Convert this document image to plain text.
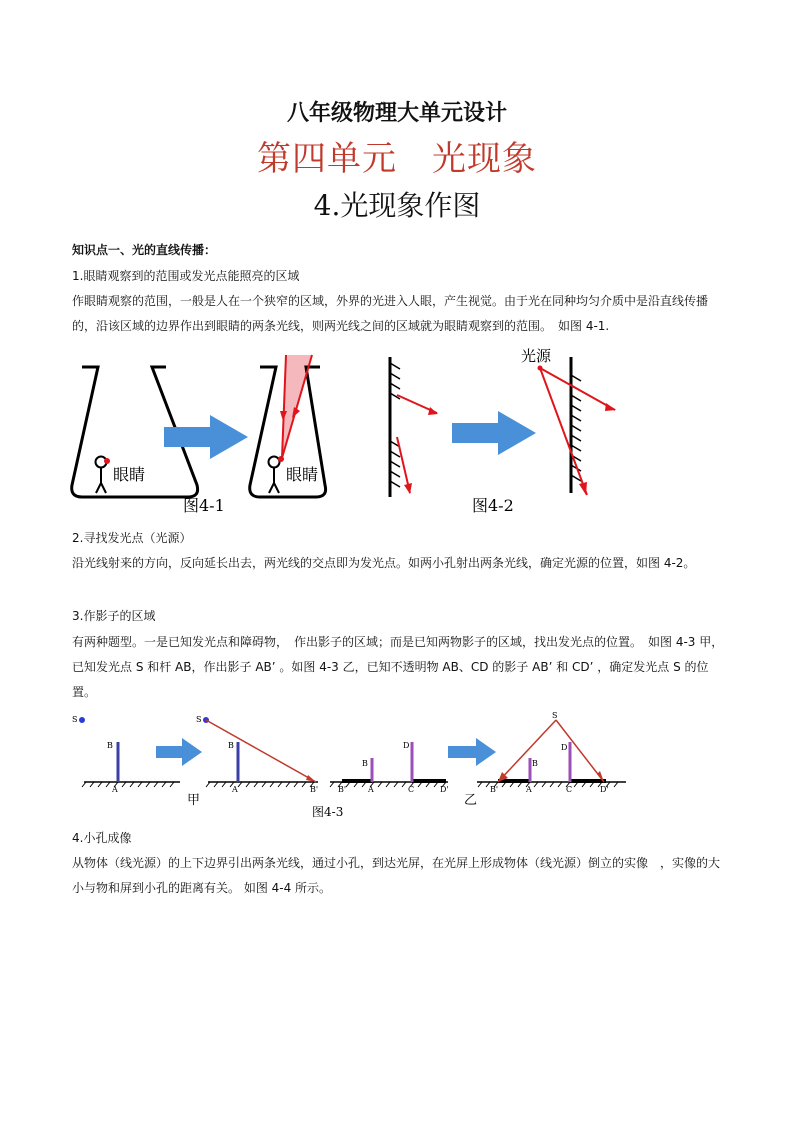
八年级物理大单元设计
第四单元　光现象
4.光现象作图
知识点一、光的直线传播：
1.眼睛观察到的范围或发光点能照亮的区域
作眼睛观察的范围，一般是人在一个狭窄的区域，外界的光进入人眼，产生视觉。由于光在同种均匀介质中是沿直线传播的，沿该区域的边界作出到眼睛的两条光线，则两光线之间的区域就为眼睛观察到的范围。　如图 4-1.
眼睛	眼睛
图4-1
光源
图4-2
2.寻找发光点（光源）
沿光线射来的方向，反向延长出去，两光线的交点即为发光点。如两小孔射出两条光线，确定光源的位置，如图 4-2。
3.作影子的区域
有两种题型。一是已知发光点和障碍物，　作出影子的区域；而是已知两物影子的区域，找出发光点的位置。　如图 4-3 甲，已知发光点 S 和杆 AB，作出影子 AB’ 。如图 4-3 乙，已知不透明物 AB、CD 的影子 AB’ 和 CD’ ，确定发光点 S 的位置。
S
B
A
S
B
A	B'
甲
B
D
B'	A	C	D'
S
B
D
B'	A	C	D'
乙
图4-3
4.小孔成像
从物体（线光源）的上下边界引出两条光线，通过小孔，到达光屏，在光屏上形成物体（线光源）倒立的实像　，实像的大小与物和屏到小孔的距离有关。 如图 4-4 所示。
